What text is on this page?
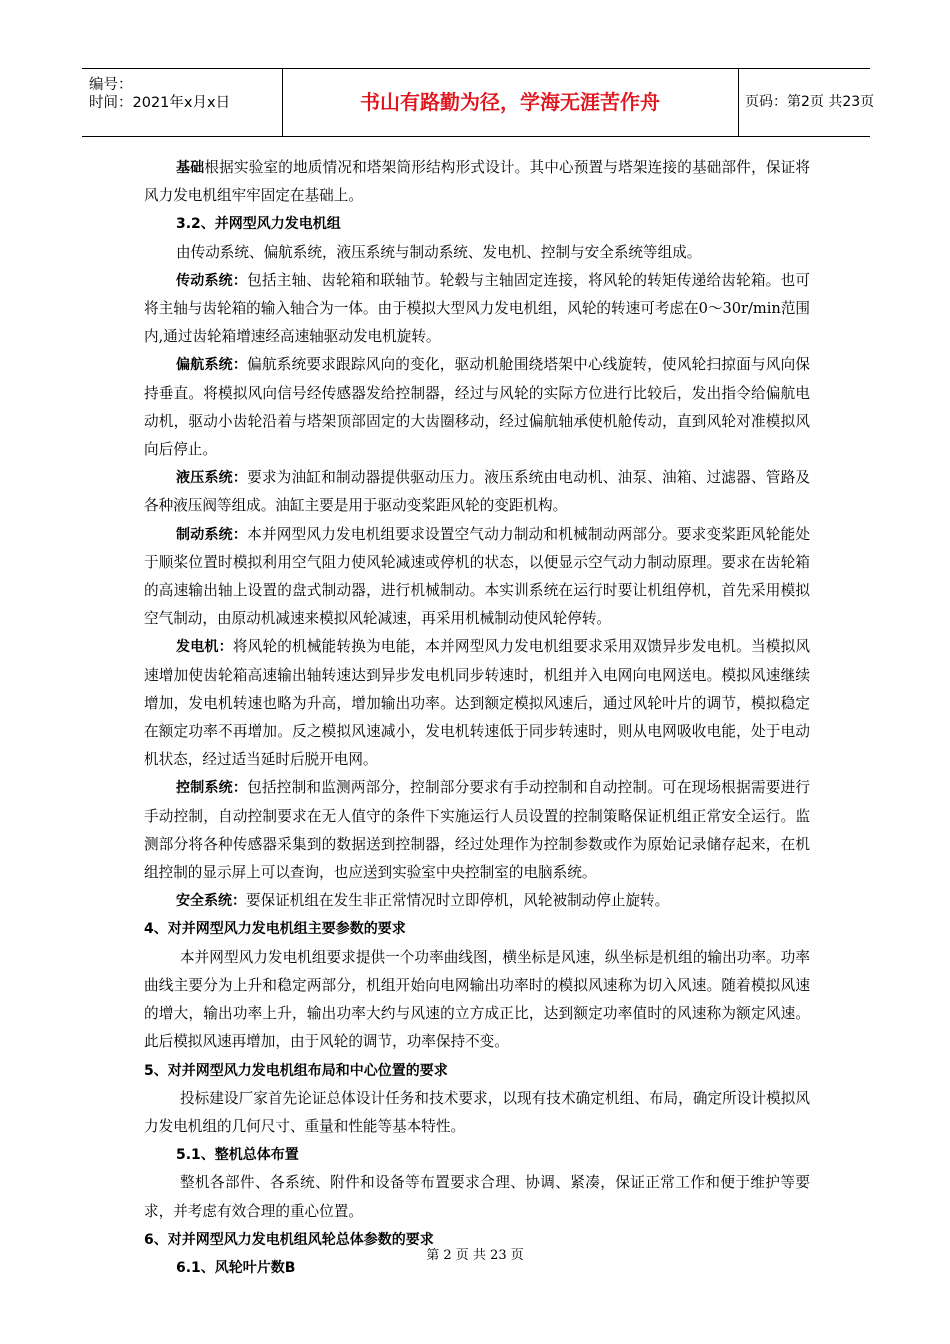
编号：
时间：2021年x月x日	书山有路勤为径，学海无涯苦作舟	页码：第2页 共23页

基础根据实验室的地质情况和塔架筒形结构形式设计。其中心预置与塔架连接的基础部件，保证将风力发电机组牢牢固定在基础上。

3.2、并网型风力发电机组

由传动系统、偏航系统，液压系统与制动系统、发电机、控制与安全系统等组成。

传动系统：包括主轴、齿轮箱和联轴节。轮毂与主轴固定连接，将风轮的转矩传递给齿轮箱。也可将主轴与齿轮箱的输入轴合为一体。由于模拟大型风力发电机组，风轮的转速可考虑在0～30r/min范围内,通过齿轮箱增速经高速轴驱动发电机旋转。

偏航系统：偏航系统要求跟踪风向的变化，驱动机舱围绕塔架中心线旋转，使风轮扫掠面与风向保持垂直。将模拟风向信号经传感器发给控制器，经过与风轮的实际方位进行比较后，发出指令给偏航电动机，驱动小齿轮沿着与塔架顶部固定的大齿圈移动，经过偏航轴承使机舱传动，直到风轮对准模拟风向后停止。

液压系统：要求为油缸和制动器提供驱动压力。液压系统由电动机、油泵、油箱、过滤器、管路及各种液压阀等组成。油缸主要是用于驱动变桨距风轮的变距机构。

制动系统：本并网型风力发电机组要求设置空气动力制动和机械制动两部分。要求变桨距风轮能处于顺桨位置时模拟利用空气阻力使风轮减速或停机的状态，以便显示空气动力制动原理。要求在齿轮箱的高速输出轴上设置的盘式制动器，进行机械制动。本实训系统在运行时要让机组停机，首先采用模拟空气制动，由原动机减速来模拟风轮减速，再采用机械制动使风轮停转。

发电机：将风轮的机械能转换为电能，本并网型风力发电机组要求采用双馈异步发电机。当模拟风速增加使齿轮箱高速输出轴转速达到异步发电机同步转速时，机组并入电网向电网送电。模拟风速继续增加，发电机转速也略为升高，增加输出功率。达到额定模拟风速后，通过风轮叶片的调节，模拟稳定在额定功率不再增加。反之模拟风速减小，发电机转速低于同步转速时，则从电网吸收电能，处于电动机状态，经过适当延时后脱开电网。

控制系统：包括控制和监测两部分，控制部分要求有手动控制和自动控制。可在现场根据需要进行手动控制，自动控制要求在无人值守的条件下实施运行人员设置的控制策略保证机组正常安全运行。监测部分将各种传感器采集到的数据送到控制器，经过处理作为控制参数或作为原始记录储存起来，在机组控制的显示屏上可以查询，也应送到实验室中央控制室的电脑系统。

安全系统：要保证机组在发生非正常情况时立即停机，风轮被制动停止旋转。

4、对并网型风力发电机组主要参数的要求

本并网型风力发电机组要求提供一个功率曲线图，横坐标是风速，纵坐标是机组的输出功率。功率曲线主要分为上升和稳定两部分，机组开始向电网输出功率时的模拟风速称为切入风速。随着模拟风速的增大，输出功率上升，输出功率大约与风速的立方成正比，达到额定功率值时的风速称为额定风速。此后模拟风速再增加，由于风轮的调节，功率保持不变。

5、对并网型风力发电机组布局和中心位置的要求

投标建设厂家首先论证总体设计任务和技术要求，以现有技术确定机组、布局，确定所设计模拟风力发电机组的几何尺寸、重量和性能等基本特性。

5.1、整机总体布置

整机各部件、各系统、附件和设备等布置要求合理、协调、紧凑，保证正常工作和便于维护等要求，并考虑有效合理的重心位置。

6、对并网型风力发电机组风轮总体参数的要求
6.1、风轮叶片数B
第 2 页 共 23 页
